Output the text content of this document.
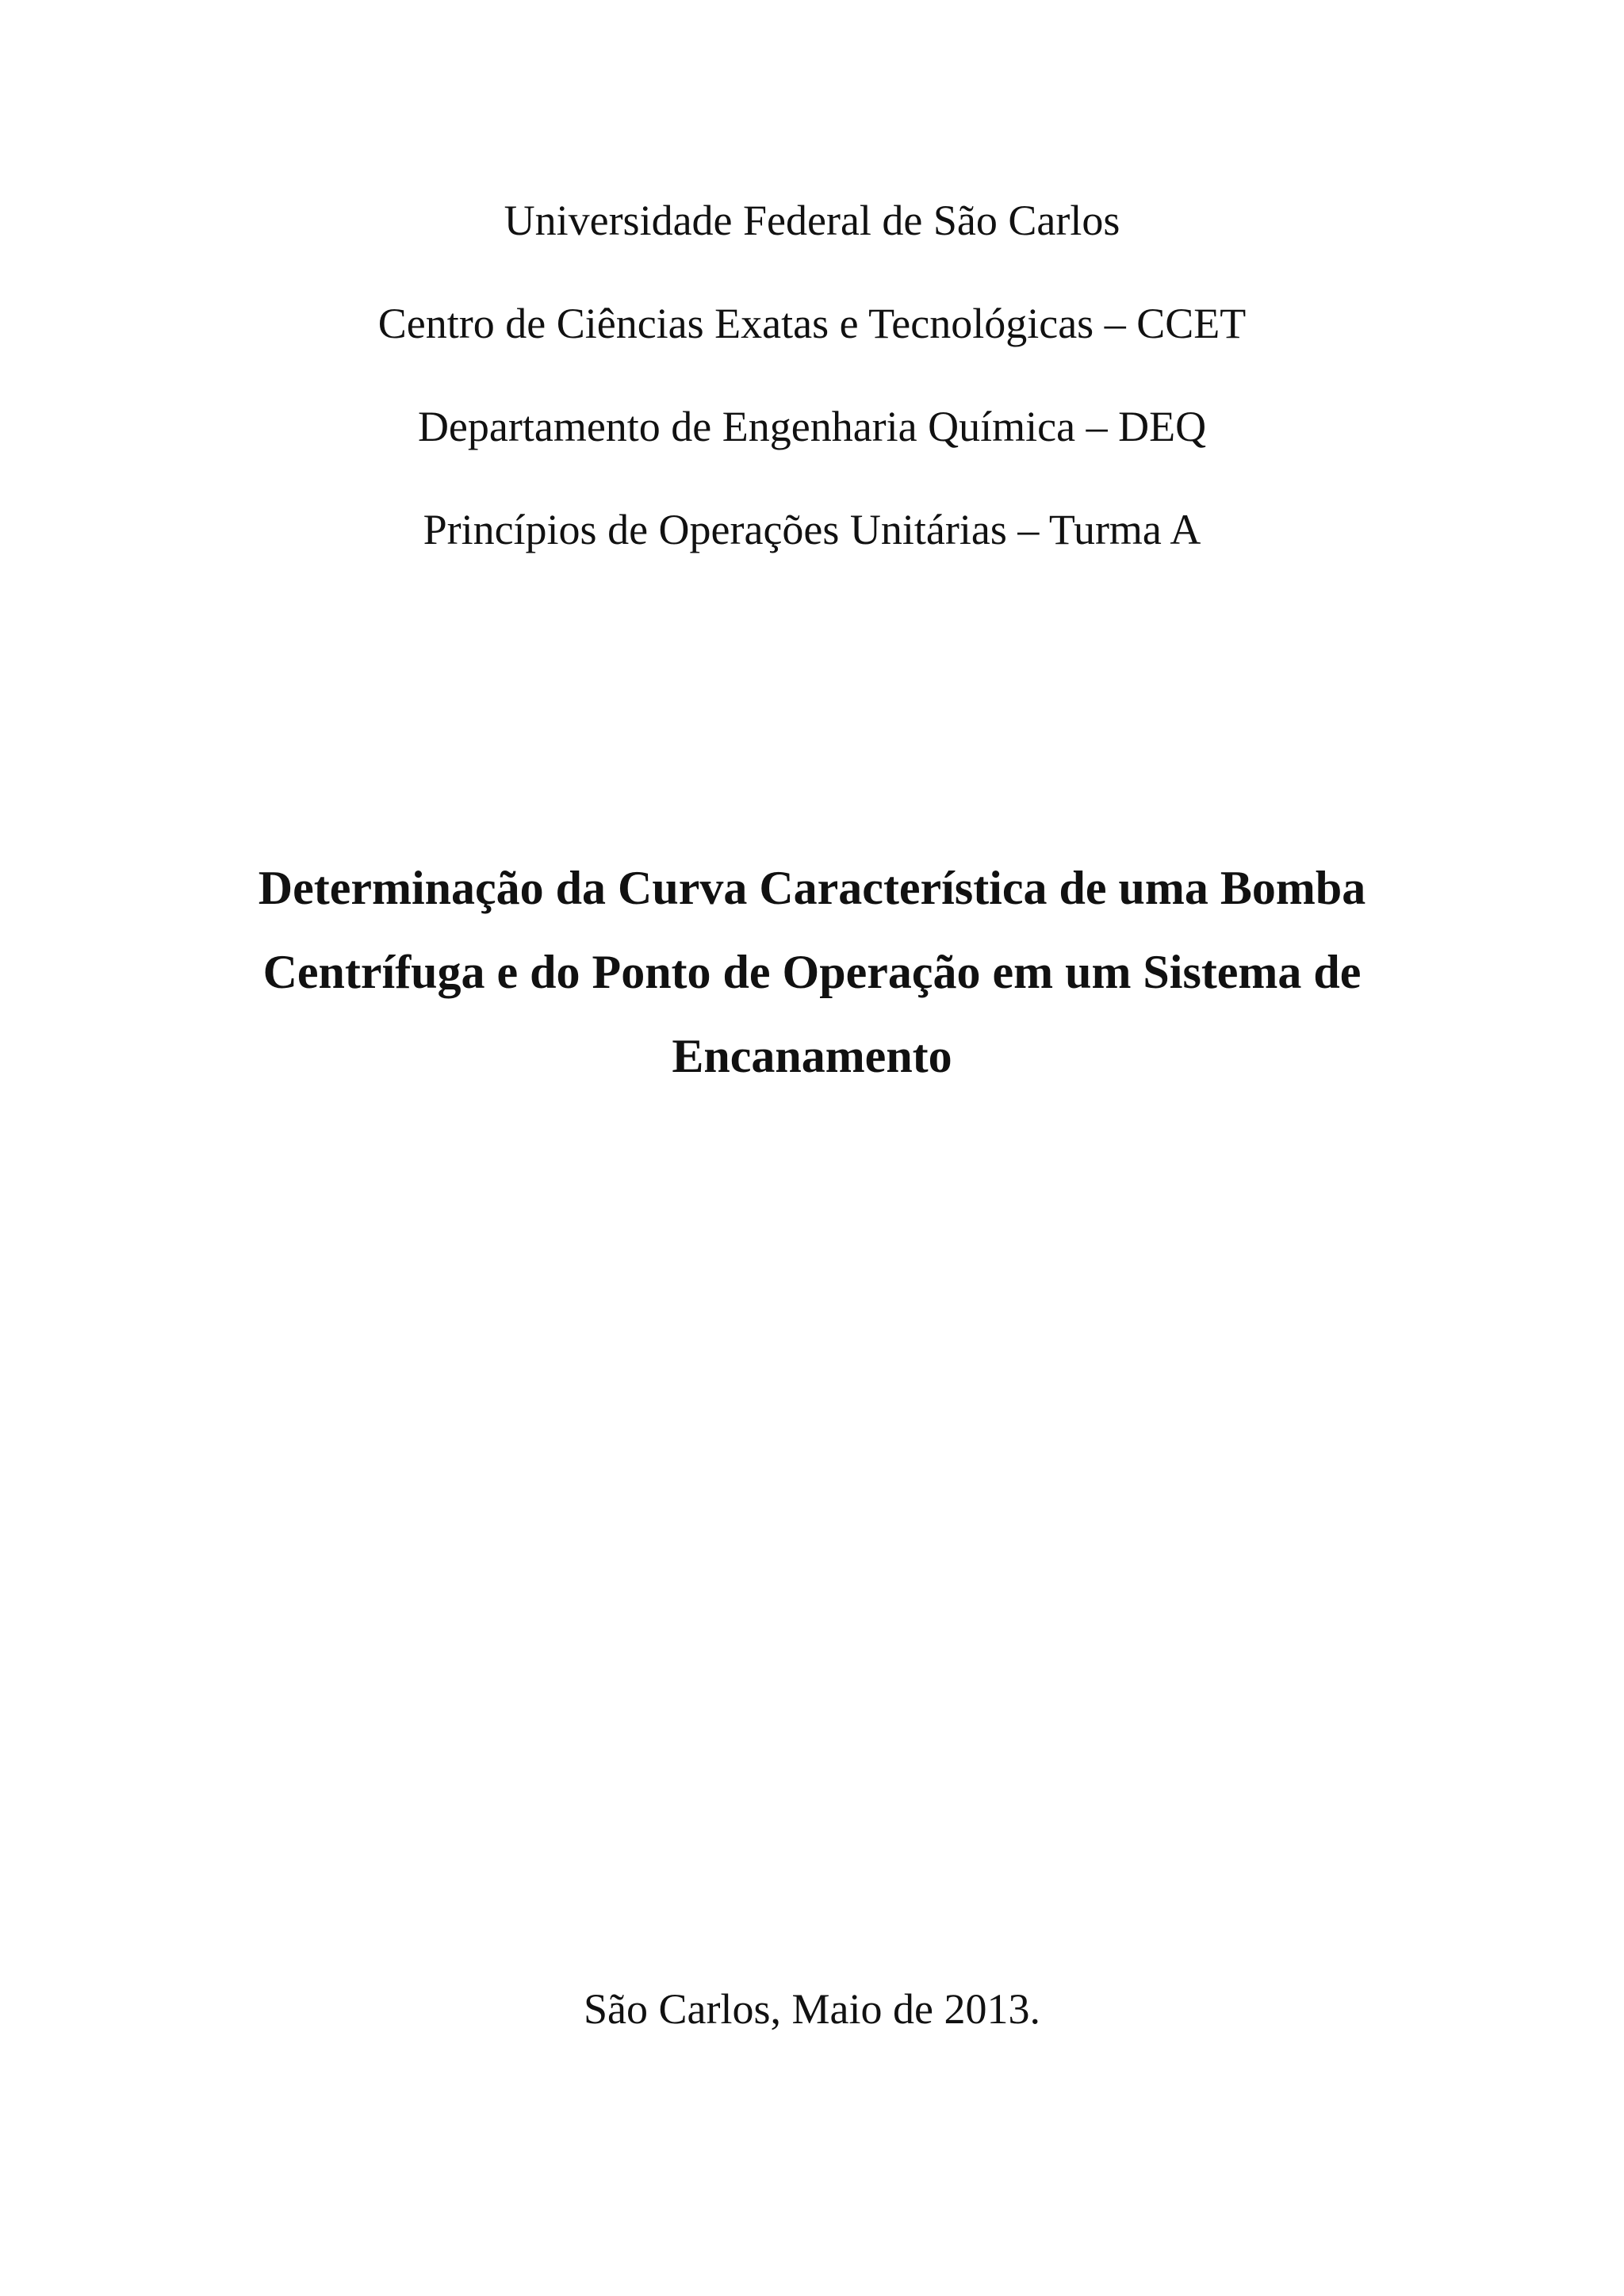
Universidade Federal de São Carlos
Centro de Ciências Exatas e Tecnológicas – CCET
Departamento de Engenharia Química – DEQ
Princípios de Operações Unitárias – Turma A
Determinação da Curva Característica de uma Bomba
Centrífuga e do Ponto de Operação em um Sistema de
Encanamento
São Carlos, Maio de 2013.
